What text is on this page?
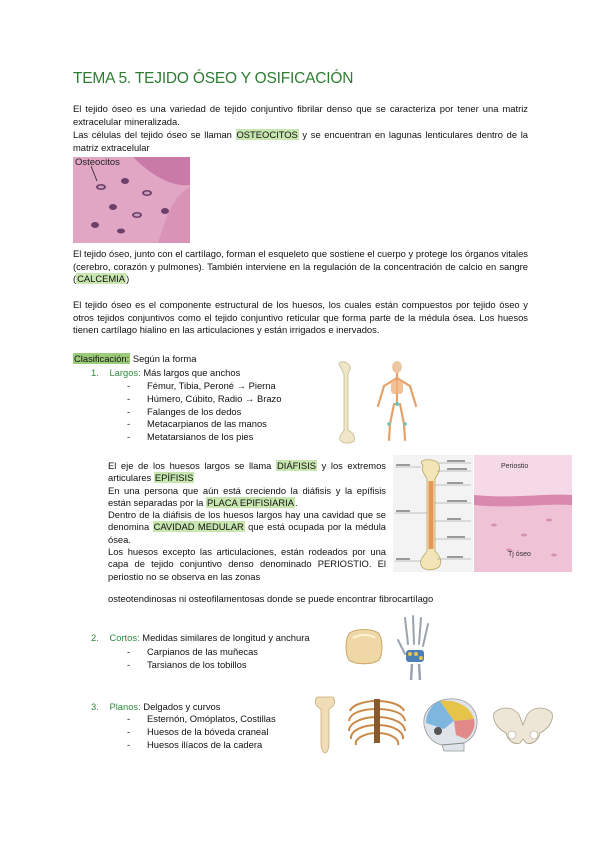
TEMA 5. TEJIDO ÓSEO Y OSIFICACIÓN
El tejido óseo es una variedad de tejido conjuntivo fibrilar denso que se caracteriza por tener una matriz extracelular mineralizada.
Las células del tejido óseo se llaman OSTEOCITOS y se encuentran en lagunas lenticulares dentro de la matriz extracelular
Osteocitos
El tejido óseo, junto con el cartílago, forman el esqueleto que sostiene el cuerpo y protege los órganos vitales (cerebro, corazón y pulmones). También interviene en la regulación de la concentración de calcio en sangre (CALCEMIA)
El tejido óseo es el componente estructural de los huesos, los cuales están compuestos por tejido óseo y otros tejidos conjuntivos como el tejido conjuntivo reticular que forma parte de la médula ósea. Los huesos tienen cartílago hialino en las articulaciones y están irrigados e inervados.
Clasificación: Según la forma
1. Largos: Más largos que anchos
- Fémur, Tibia, Peroné → Pierna
- Húmero, Cúbito, Radio → Brazo
- Falanges de los dedos
- Metacarpianos de las manos
- Metatarsianos de los pies
El eje de los huesos largos se llama DIÁFISIS y los extremos articulares EPÍFISIS
En una persona que aún está creciendo la diáfisis y la epífisis están separadas por la PLACA EPIFISIARIA.
Dentro de la diáfisis de los huesos largos hay una cavidad que se denomina CAVIDAD MEDULAR que está ocupada por la médula ósea.
Los huesos excepto las articulaciones, están rodeados por una capa de tejido conjuntivo denso denominado PERIOSTIO. El periostio no se observa en las zonas
osteotendinosas ni osteofilamentosas donde se puede encontrar fibrocartílago
Periostio
Tj óseo
2. Cortos: Medidas similares de longitud y anchura
- Carpianos de las muñecas
- Tarsianos de los tobillos
3. Planos: Delgados y curvos
- Esternón, Omóplatos, Costillas
- Huesos de la bóveda craneal
- Huesos ilíacos de la cadera
